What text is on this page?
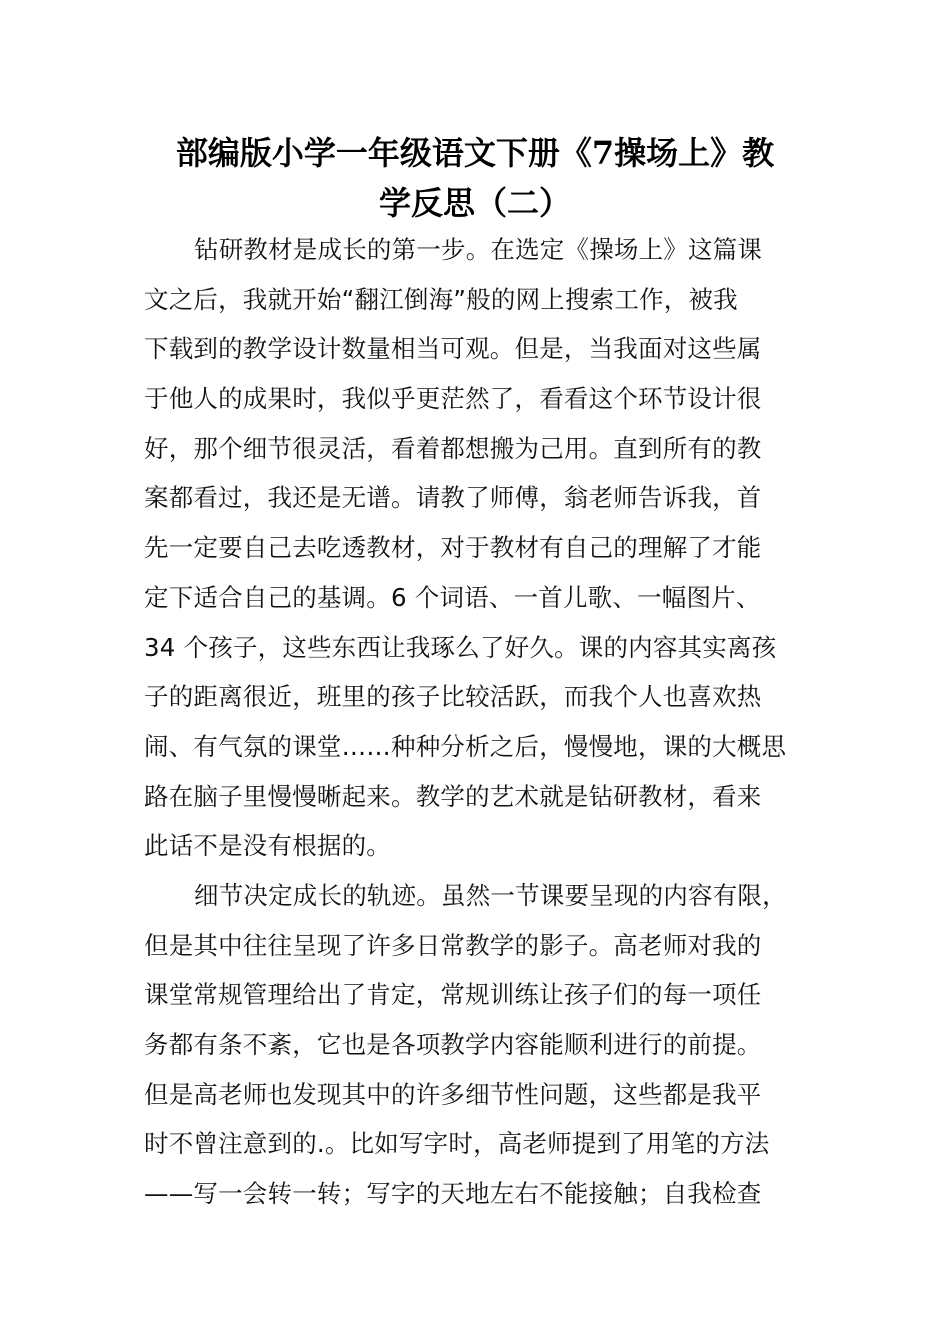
部编版小学一年级语文下册《7操场上》教
学反思（二）
钻研教材是成长的第一步。在选定《操场上》这篇课
文之后，我就开始“翻江倒海”般的网上搜索工作，被我
下载到的教学设计数量相当可观。但是，当我面对这些属
于他人的成果时，我似乎更茫然了，看看这个环节设计很
好，那个细节很灵活，看着都想搬为己用。直到所有的教
案都看过，我还是无谱。请教了师傅，翁老师告诉我，首
先一定要自己去吃透教材，对于教材有自己的理解了才能
定下适合自己的基调。6 个词语、一首儿歌、一幅图片、
34 个孩子，这些东西让我琢么了好久。课的内容其实离孩
子的距离很近，班里的孩子比较活跃，而我个人也喜欢热
闹、有气氛的课堂……种种分析之后，慢慢地，课的大概思
路在脑子里慢慢晰起来。教学的艺术就是钻研教材，看来
此话不是没有根据的。
细节决定成长的轨迹。虽然一节课要呈现的内容有限，
但是其中往往呈现了许多日常教学的影子。高老师对我的
课堂常规管理给出了肯定，常规训练让孩子们的每一项任
务都有条不紊，它也是各项教学内容能顺利进行的前提。
但是高老师也发现其中的许多细节性问题，这些都是我平
时不曾注意到的.。比如写字时，高老师提到了用笔的方法
——写一会转一转；写字的天地左右不能接触；自我检查
